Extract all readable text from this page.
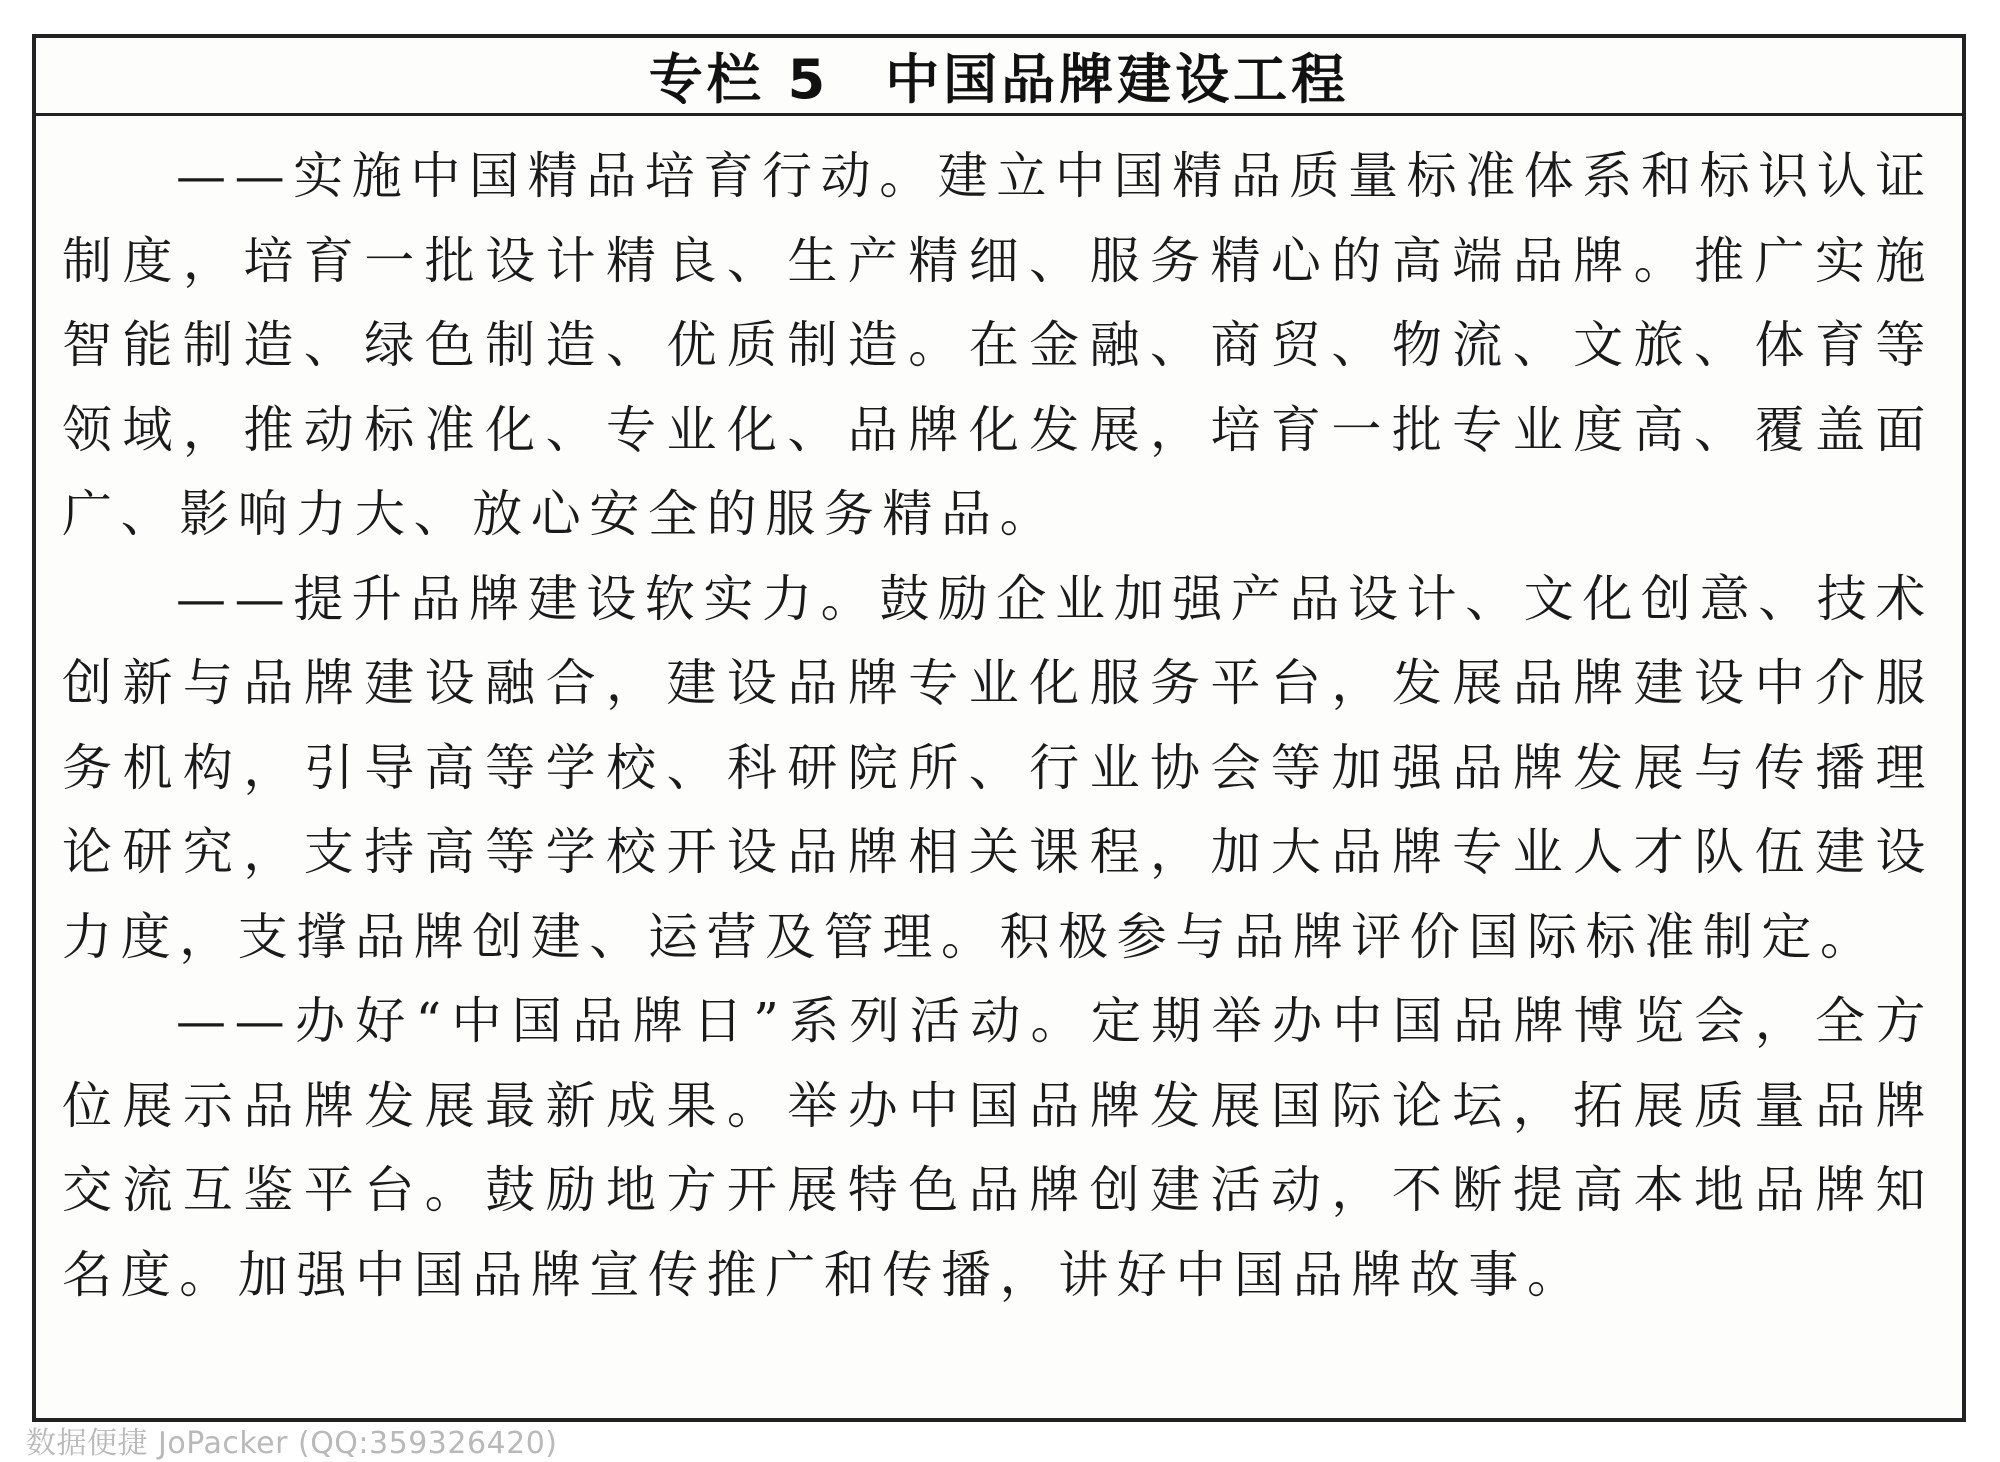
专栏 5 中国品牌建设工程

——实施中国精品培育行动。建立中国精品质量标准体系和标识认证制度，培育一批设计精良、生产精细、服务精心的高端品牌。推广实施智能制造、绿色制造、优质制造。在金融、商贸、物流、文旅、体育等领域，推动标准化、专业化、品牌化发展，培育一批专业度高、覆盖面广、影响力大、放心安全的服务精品。

——提升品牌建设软实力。鼓励企业加强产品设计、文化创意、技术创新与品牌建设融合，建设品牌专业化服务平台，发展品牌建设中介服务机构，引导高等学校、科研院所、行业协会等加强品牌发展与传播理论研究，支持高等学校开设品牌相关课程，加大品牌专业人才队伍建设力度，支撑品牌创建、运营及管理。积极参与品牌评价国际标准制定。

——办好“中国品牌日”系列活动。定期举办中国品牌博览会，全方位展示品牌发展最新成果。举办中国品牌发展国际论坛，拓展质量品牌交流互鉴平台。鼓励地方开展特色品牌创建活动，不断提高本地品牌知名度。加强中国品牌宣传推广和传播，讲好中国品牌故事。

数据便捷 JoPacker (QQ:359326420)
